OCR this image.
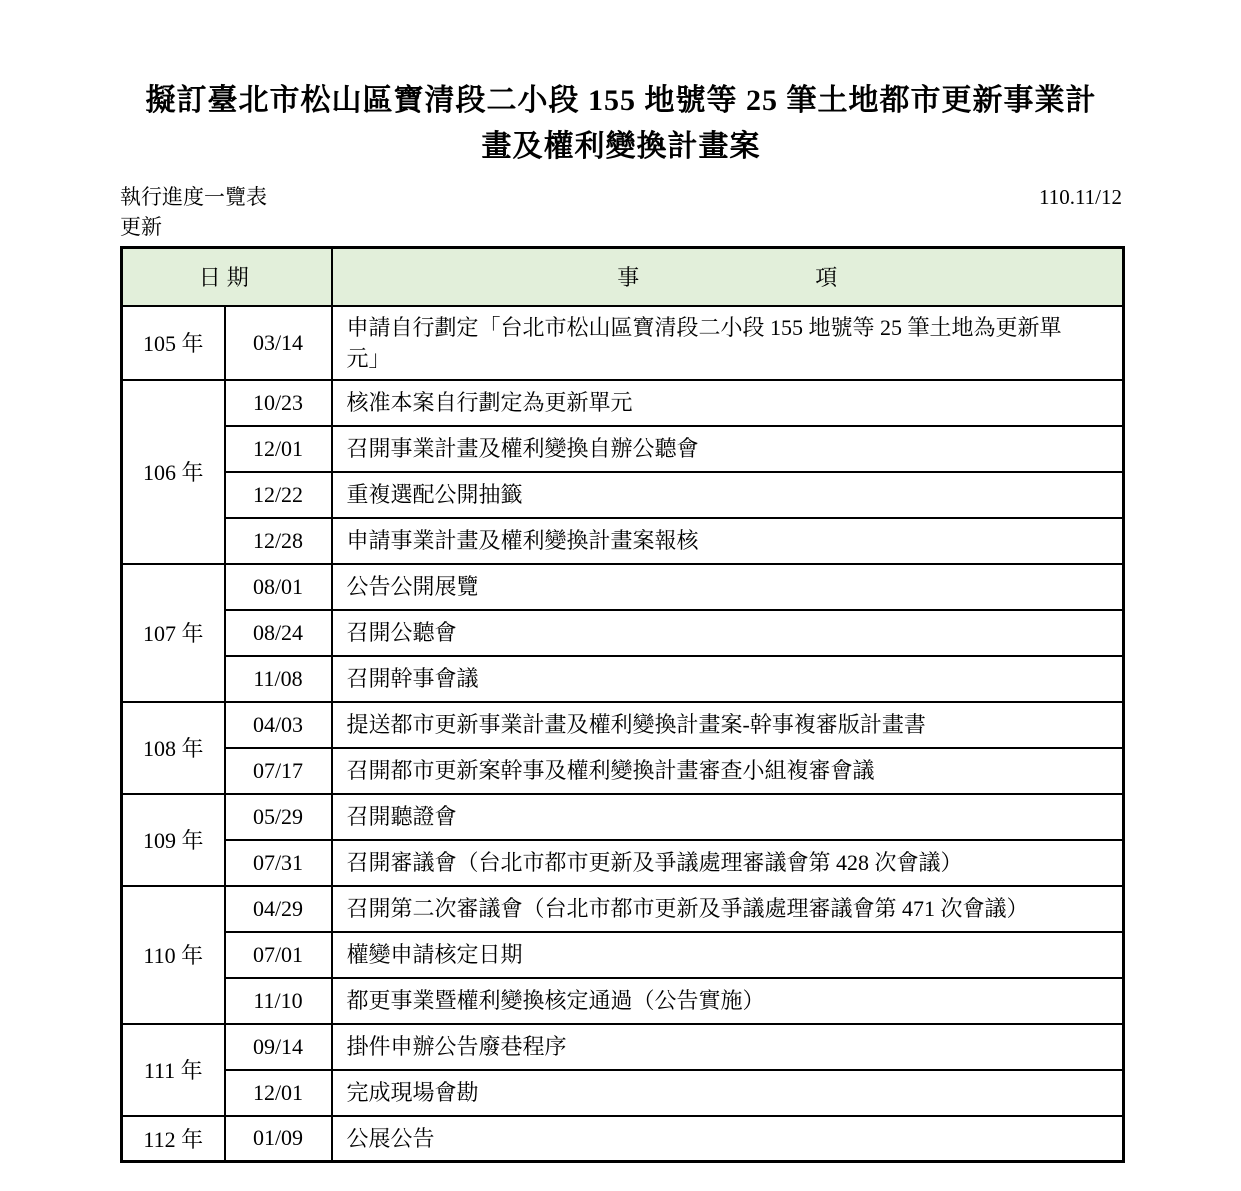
擬訂臺北市松山區寶清段二小段 155 地號等 25 筆土地都市更新事業計
畫及權利變換計畫案
執行進度一覽表	110.11/12
更新
日期		事　　　　　　　　項
105 年	03/14	申請自行劃定「台北市松山區寶清段二小段 155 地號等 25 筆土地為更新單元」
106 年	10/23	核准本案自行劃定為更新單元
	12/01	召開事業計畫及權利變換自辦公聽會
	12/22	重複選配公開抽籤
	12/28	申請事業計畫及權利變換計畫案報核
107 年	08/01	公告公開展覽
	08/24	召開公聽會
	11/08	召開幹事會議
108 年	04/03	提送都市更新事業計畫及權利變換計畫案-幹事複審版計畫書
	07/17	召開都市更新案幹事及權利變換計畫審查小組複審會議
109 年	05/29	召開聽證會
	07/31	召開審議會（台北市都市更新及爭議處理審議會第 428 次會議）
110 年	04/29	召開第二次審議會（台北市都市更新及爭議處理審議會第 471 次會議）
	07/01	權變申請核定日期
	11/10	都更事業暨權利變換核定通過（公告實施）
111 年	09/14	掛件申辦公告廢巷程序
	12/01	完成現場會勘
112 年	01/09	公展公告
